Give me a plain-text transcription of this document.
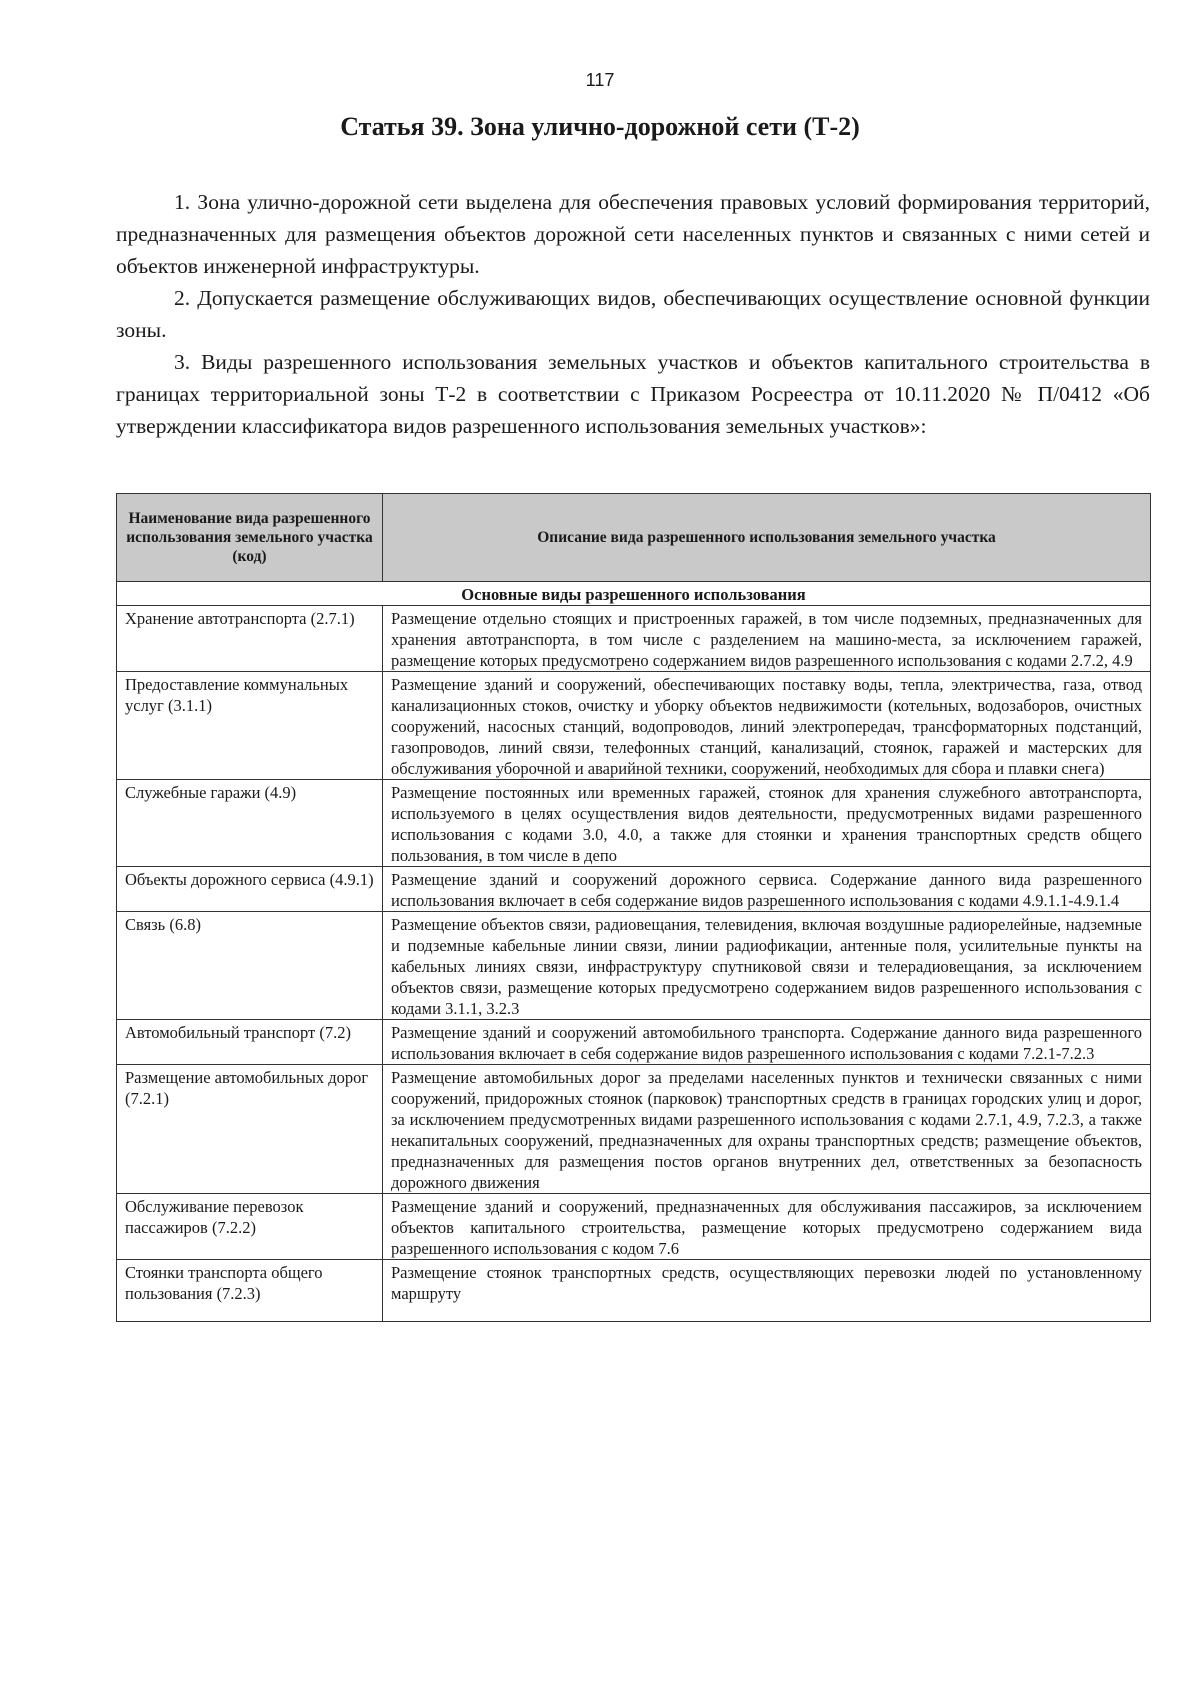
117
Статья 39. Зона улично-дорожной сети (Т-2)

1. Зона улично-дорожной сети выделена для обеспечения правовых условий формирования территорий, предназначенных для размещения объектов дорожной сети населенных пунктов и связанных с ними сетей и объектов инженерной инфраструктуры.

2. Допускается размещение обслуживающих видов, обеспечивающих осуществление основной функции зоны.

3. Виды разрешенного использования земельных участков и объектов капитального строительства в границах территориальной зоны Т-2 в соответствии с Приказом Росреестра от 10.11.2020 № П/0412 «Об утверждении классификатора видов разрешенного использования земельных участков»:

Наименование вида разрешенного использования земельного участка (код)	Описание вида разрешенного использования земельного участка
Основные виды разрешенного использования	
Хранение автотранспорта (2.7.1)	Размещение отдельно стоящих и пристроенных гаражей, в том числе подземных, предназначенных для хранения автотранспорта, в том числе с разделением на машино-места, за исключением гаражей, размещение которых предусмотрено содержанием видов разрешенного использования с кодами 2.7.2, 4.9
Предоставление коммунальных услуг (3.1.1)	Размещение зданий и сооружений, обеспечивающих поставку воды, тепла, электричества, газа, отвод канализационных стоков, очистку и уборку объектов недвижимости (котельных, водозаборов, очистных сооружений, насосных станций, водопроводов, линий электропередач, трансформаторных подстанций, газопроводов, линий связи, телефонных станций, канализаций, стоянок, гаражей и мастерских для обслуживания уборочной и аварийной техники, сооружений, необходимых для сбора и плавки снега)
Служебные гаражи (4.9)	Размещение постоянных или временных гаражей, стоянок для хранения служебного автотранспорта, используемого в целях осуществления видов деятельности, предусмотренных видами разрешенного использования с кодами 3.0, 4.0, а также для стоянки и хранения транспортных средств общего пользования, в том числе в депо
Объекты дорожного сервиса (4.9.1)	Размещение зданий и сооружений дорожного сервиса. Содержание данного вида разрешенного использования включает в себя содержание видов разрешенного использования с кодами 4.9.1.1-4.9.1.4
Связь (6.8)	Размещение объектов связи, радиовещания, телевидения, включая воздушные радиорелейные, надземные и подземные кабельные линии связи, линии радиофикации, антенные поля, усилительные пункты на кабельных линиях связи, инфраструктуру спутниковой связи и телерадиовещания, за исключением объектов связи, размещение которых предусмотрено содержанием видов разрешенного использования с кодами 3.1.1, 3.2.3
Автомобильный транспорт (7.2)	Размещение зданий и сооружений автомобильного транспорта. Содержание данного вида разрешенного использования включает в себя содержание видов разрешенного использования с кодами 7.2.1-7.2.3
Размещение автомобильных дорог (7.2.1)	Размещение автомобильных дорог за пределами населенных пунктов и технически связанных с ними сооружений, придорожных стоянок (парковок) транспортных средств в границах городских улиц и дорог, за исключением предусмотренных видами разрешенного использования с кодами 2.7.1, 4.9, 7.2.3, а также некапитальных сооружений, предназначенных для охраны транспортных средств; размещение объектов, предназначенных для размещения постов органов внутренних дел, ответственных за безопасность дорожного движения
Обслуживание перевозок пассажиров (7.2.2)	Размещение зданий и сооружений, предназначенных для обслуживания пассажиров, за исключением объектов капитального строительства, размещение которых предусмотрено содержанием вида разрешенного использования с кодом 7.6
Стоянки транспорта общего пользования (7.2.3)	Размещение стоянок транспортных средств, осуществляющих перевозки людей по установленному маршруту
